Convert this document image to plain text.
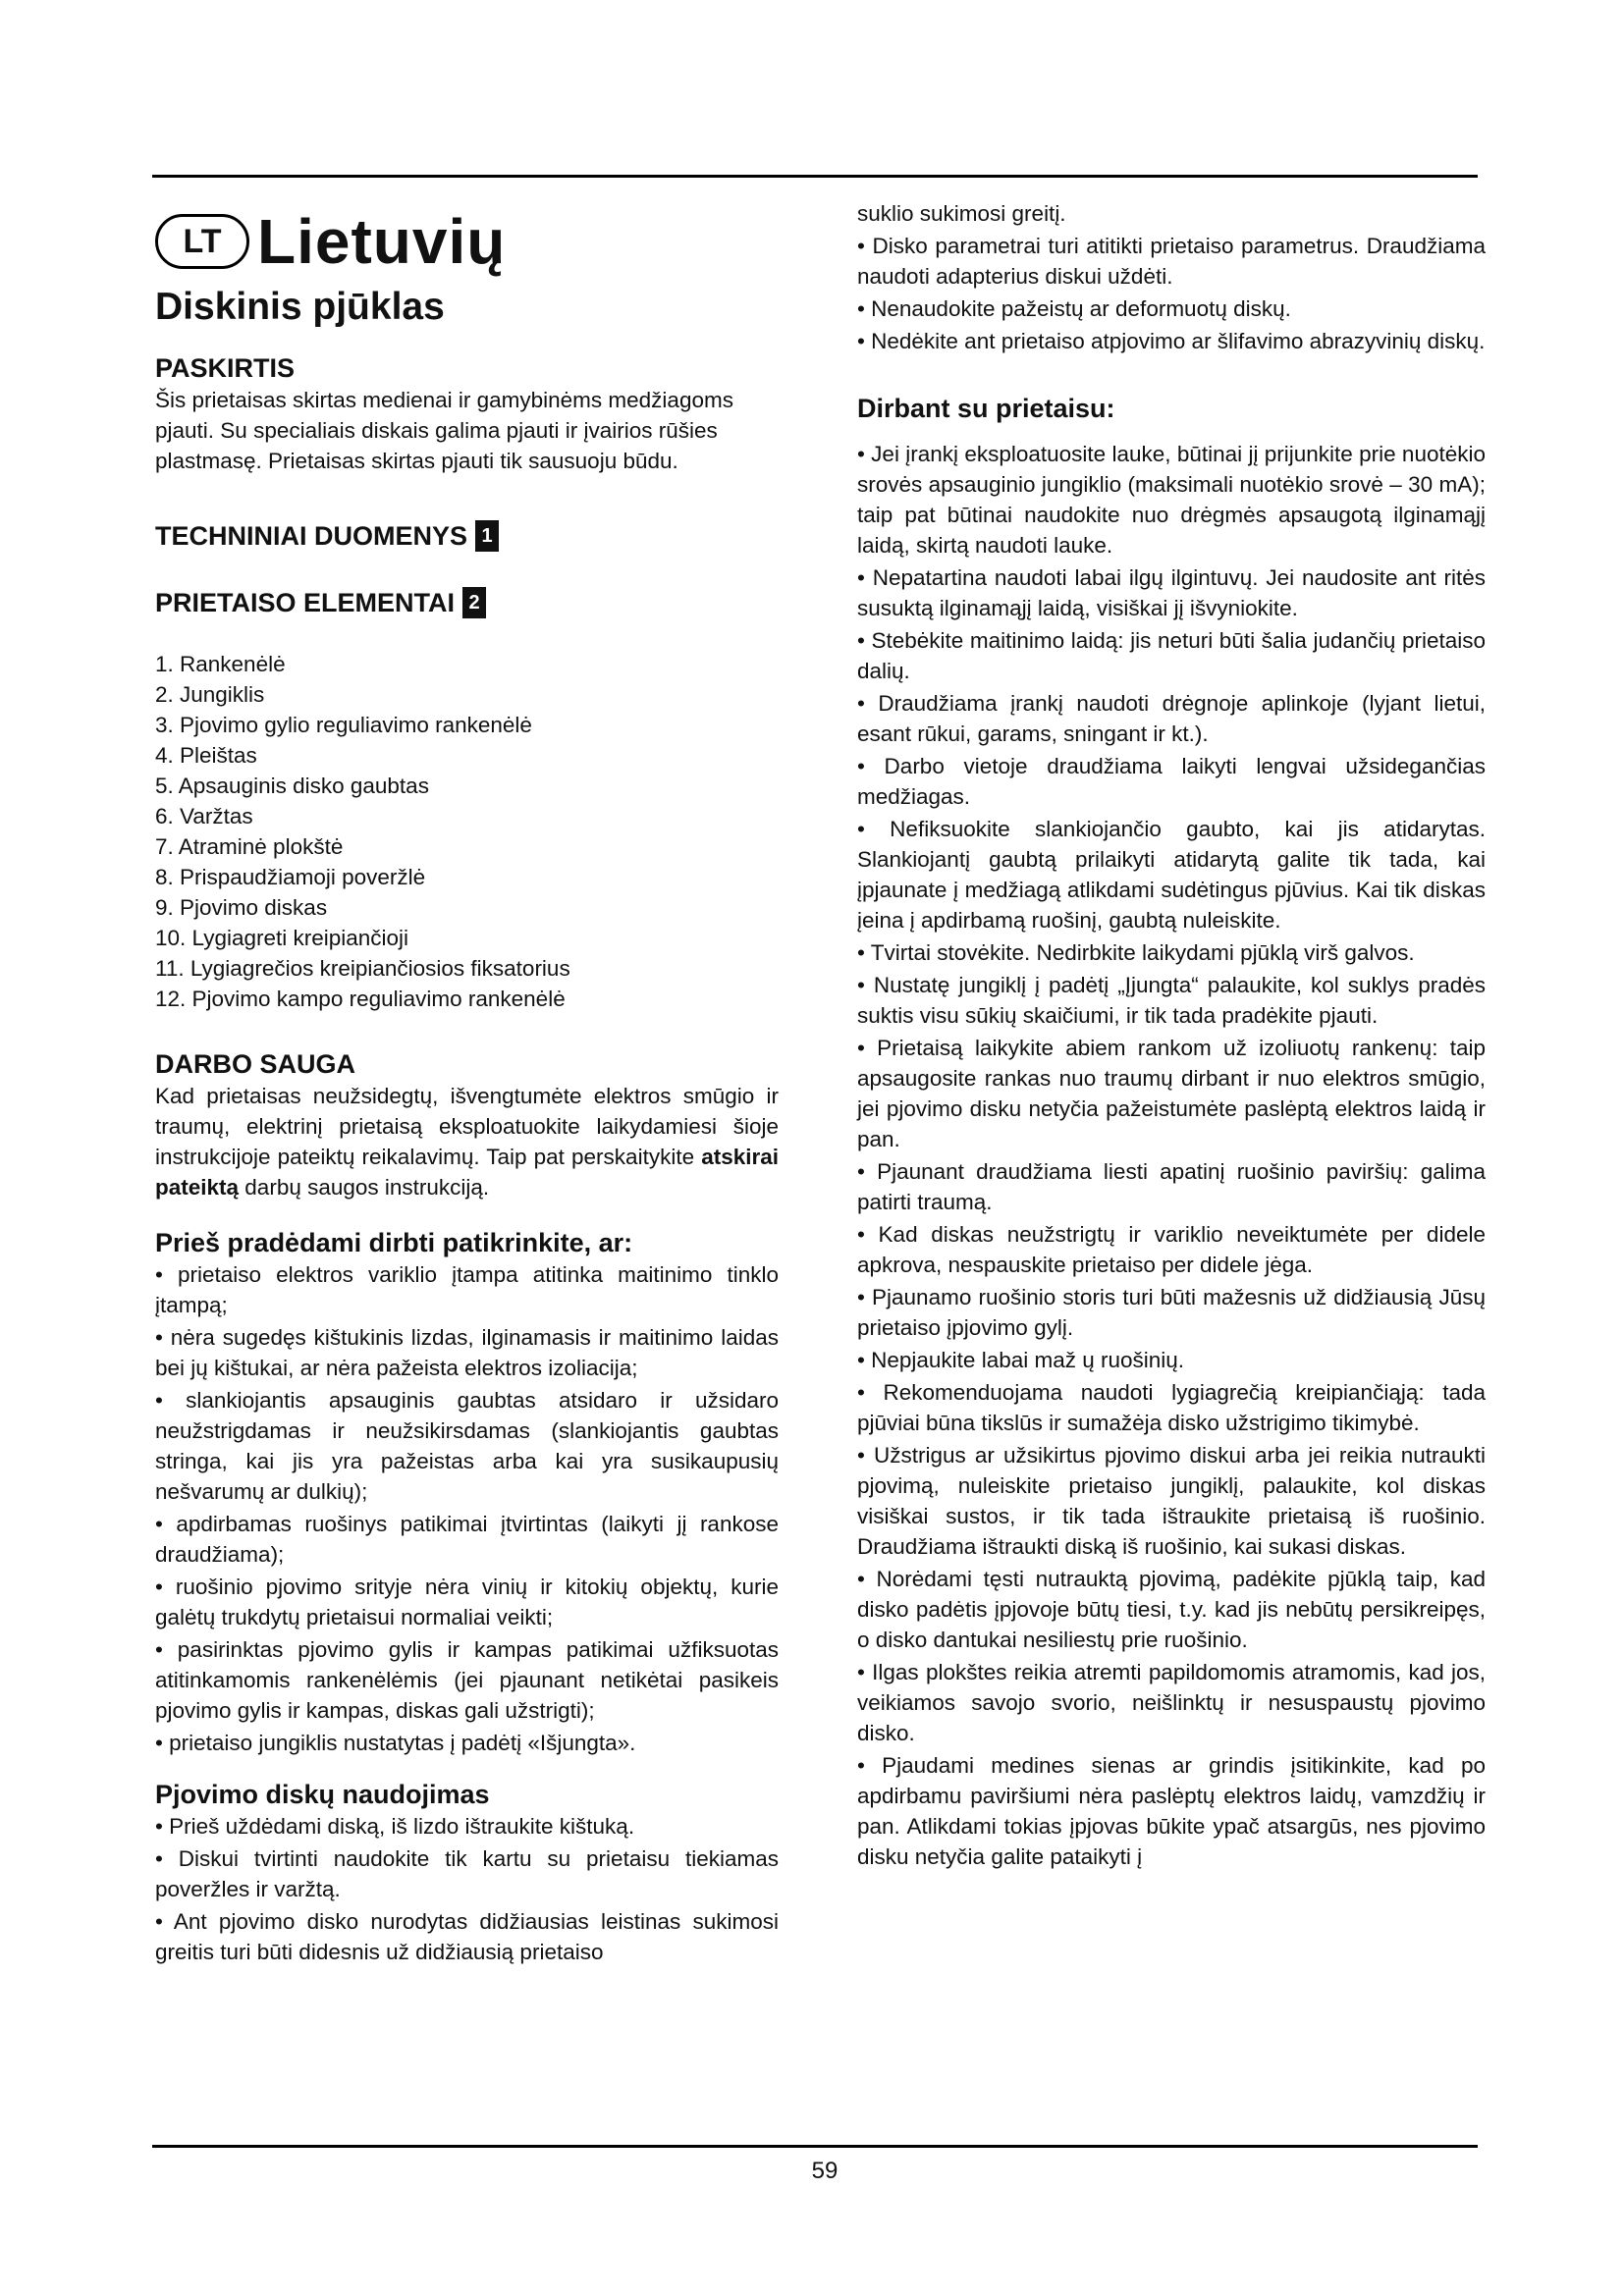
LT Lietuvių
Diskinis pjūklas
PASKIRTIS

Šis prietaisas skirtas medienai ir gamybinėms medžiagoms pjauti. Su specialiais diskais galima pjauti ir įvairios rūšies plastmasę. Prietaisas skirtas pjauti tik sausuoju būdu.

TECHNINIAI DUOMENYS 1
PRIETAISO ELEMENTAI 2
1. Rankenėlė
2. Jungiklis
3. Pjovimo gylio reguliavimo rankenėlė
4. Pleištas
5. Apsauginis disko gaubtas
6. Varžtas
7. Atraminė plokštė
8. Prispaudžiamoji poveržlė
9. Pjovimo diskas
10. Lygiagreti kreipiančioji
11. Lygiagrečios kreipiančiosios fiksatorius
12. Pjovimo kampo reguliavimo rankenėlė
DARBO SAUGA

Kad prietaisas neužsidegtų, išvengtumėte elektros smūgio ir traumų, elektrinį prietaisą eksploatuokite laikydamiesi šioje instrukcijoje pateiktų reikalavimų. Taip pat perskaitykite atskirai pateiktą darbų saugos instrukciją.

Prieš pradėdami dirbti patikrinkite, ar:
• prietaiso elektros variklio įtampa atitinka maitinimo tinklo įtampą;
• nėra sugedęs kištukinis lizdas, ilginamasis ir maitinimo laidas bei jų kištukai, ar nėra pažeista elektros izoliacija;
• slankiojantis apsauginis gaubtas atsidaro ir užsidaro neužstrigdamas ir neužsikirsdamas (slankiojantis gaubtas stringa, kai jis yra pažeistas arba kai yra susikaupusių nešvarumų ar dulkių);
• apdirbamas ruošinys patikimai įtvirtintas (laikyti jį rankose draudžiama);
• ruošinio pjovimo srityje nėra vinių ir kitokių objektų, kurie galėtų trukdytų prietaisui normaliai veikti;
• pasirinktas pjovimo gylis ir kampas patikimai užfiksuotas atitinkamomis rankenėlėmis (jei pjaunant netikėtai pasikeis pjovimo gylis ir kampas, diskas gali užstrigti);
• prietaiso jungiklis nustatytas į padėtį «Išjungta».
Pjovimo diskų naudojimas
• Prieš uždėdami diską, iš lizdo ištraukite kištuką.
• Diskui tvirtinti naudokite tik kartu su prietaisu tiekiamas poveržles ir varžtą.
• Ant pjovimo disko nurodytas didžiausias leistinas sukimosi greitis turi būti didesnis už didžiausią prietaiso
suklio sukimosi greitį.
• Disko parametrai turi atitikti prietaiso parametrus. Draudžiama naudoti adapterius diskui uždėti.
• Nenaudokite pažeistų ar deformuotų diskų.
• Nedėkite ant prietaiso atpjovimo ar šlifavimo abrazyvinių diskų.
Dirbant su prietaisu:
• Jei įrankį eksploatuosite lauke, būtinai jį prijunkite prie nuotėkio srovės apsauginio jungiklio (maksimali nuotėkio srovė – 30 mA); taip pat būtinai naudokite nuo drėgmės apsaugotą ilginamąjį laidą, skirtą naudoti lauke.
• Nepatartina naudoti labai ilgų ilgintuvų. Jei naudosite ant ritės susuktą ilginamąjį laidą, visiškai jį išvyniokite.
• Stebėkite maitinimo laidą: jis neturi būti šalia judančių prietaiso dalių.
• Draudžiama įrankį naudoti drėgnoje aplinkoje (lyjant lietui, esant rūkui, garams, sningant ir kt.).
• Darbo vietoje draudžiama laikyti lengvai užsidegančias medžiagas.
• Nefiksuokite slankiojančio gaubto, kai jis atidarytas. Slankiojantį gaubtą prilaikyti atidarytą galite tik tada, kai įpjaunate į medžiagą atlikdami sudėtingus pjūvius. Kai tik diskas įeina į apdirbamą ruošinį, gaubtą nuleiskite.
• Tvirtai stovėkite. Nedirbkite laikydami pjūklą virš galvos.
• Nustatę jungiklį į padėtį „Įjungta“ palaukite, kol suklys pradės suktis visu sūkių skaičiumi, ir tik tada pradėkite pjauti.
• Prietaisą laikykite abiem rankom už izoliuotų rankenų: taip apsaugosite rankas nuo traumų dirbant ir nuo elektros smūgio, jei pjovimo disku netyčia pažeistumėte paslėptą elektros laidą ir pan.
• Pjaunant draudžiama liesti apatinį ruošinio paviršių: galima patirti traumą.
• Kad diskas neužstrigtų ir variklio neveiktumėte per didele apkrova, nespauskite prietaiso per didele jėga.
• Pjaunamo ruošinio storis turi būti mažesnis už didžiausią Jūsų prietaiso įpjovimo gylį.
• Nepjaukite labai maž ų ruošinių.
• Rekomenduojama naudoti lygiagrečią kreipiančiąją: tada pjūviai būna tikslūs ir sumažėja disko užstrigimo tikimybė.
• Užstrigus ar užsikirtus pjovimo diskui arba jei reikia nutraukti pjovimą, nuleiskite prietaiso jungiklį, palaukite, kol diskas visiškai sustos, ir tik tada ištraukite prietaisą iš ruošinio. Draudžiama ištraukti diską iš ruošinio, kai sukasi diskas.
• Norėdami tęsti nutrauktą pjovimą, padėkite pjūklą taip, kad disko padėtis įpjovoje būtų tiesi, t.y. kad jis nebūtų persikreipęs, o disko dantukai nesiliestų prie ruošinio.
• Ilgas plokštes reikia atremti papildomomis atramomis, kad jos, veikiamos savojo svorio, neišlinktų ir nesuspaustų pjovimo disko.
• Pjaudami medines sienas ar grindis įsitikinkite, kad po apdirbamu paviršiumi nėra paslėptų elektros laidų, vamzdžių ir pan. Atlikdami tokias įpjovas būkite ypač atsargūs, nes pjovimo disku netyčia galite pataikyti į
59
